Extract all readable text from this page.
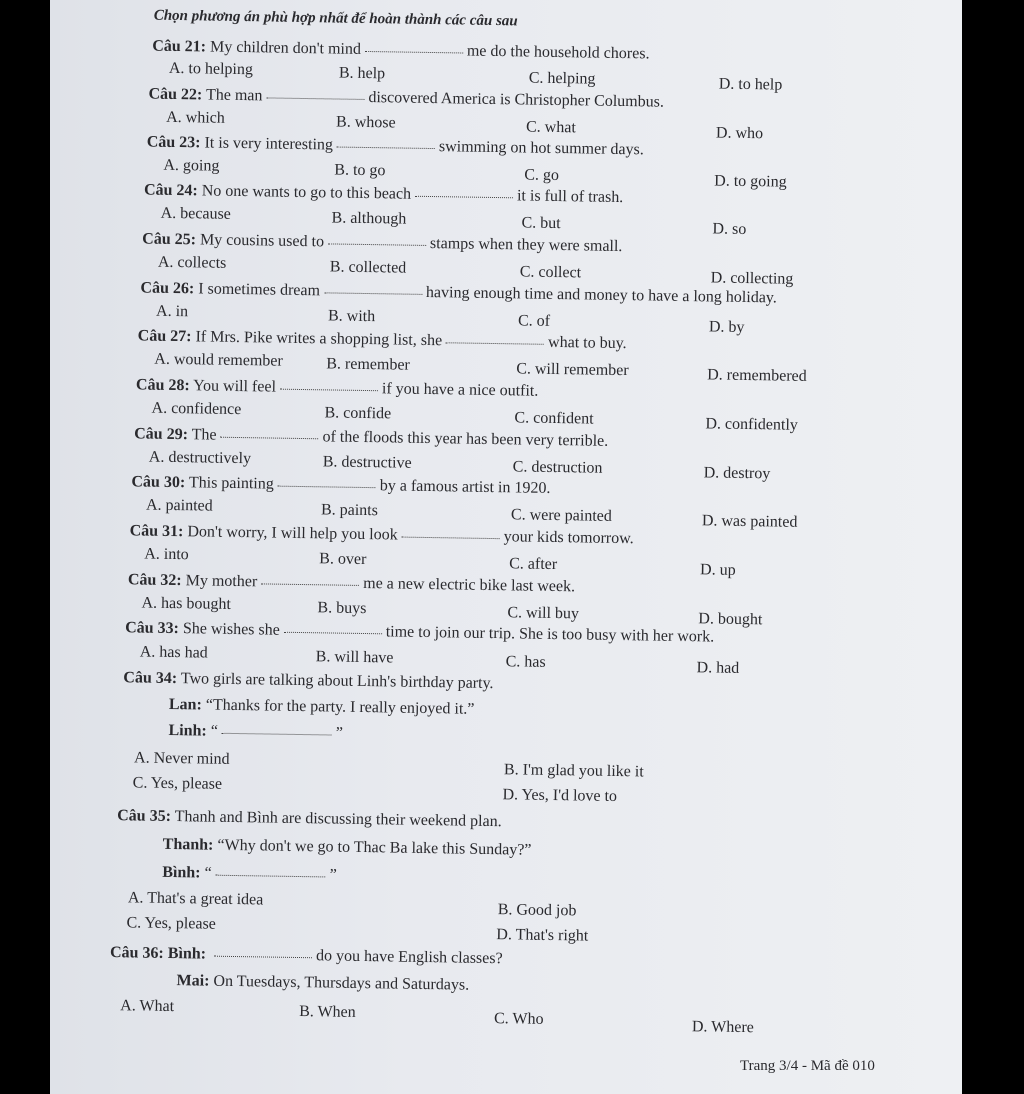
Chọn phương án phù hợp nhất để hoàn thành các câu sau
Câu 21: My children don't mind	me do the household chores.
A. to helping	B. help	C. helping	D. to help
Câu 22: The man	discovered America is Christopher Columbus.
A. which	B. whose	C. what	D. who
Câu 23: It is very interesting	swimming on hot summer days.
A. going	B. to go	C. go	D. to going
Câu 24: No one wants to go to this beach	it is full of trash.
A. because	B. although	C. but	D. so
Câu 25: My cousins used to	stamps when they were small.
A. collects	B. collected	C. collect	D. collecting
Câu 26: I sometimes dream	having enough time and money to have a long holiday.
A. in	B. with	C. of	D. by
Câu 27: If Mrs. Pike writes a shopping list, she	what to buy.
A. would remember	B. remember	C. will remember	D. remembered
Câu 28: You will feel	if you have a nice outfit.
A. confidence	B. confide	C. confident	D. confidently
Câu 29: The	of the floods this year has been very terrible.
A. destructively	B. destructive	C. destruction	D. destroy
Câu 30: This painting	by a famous artist in 1920.
A. painted	B. paints	C. were painted	D. was painted
Câu 31: Don't worry, I will help you look	your kids tomorrow.
A. into	B. over	C. after	D. up
Câu 32: My mother	me a new electric bike last week.
A. has bought	B. buys	C. will buy	D. bought
Câu 33: She wishes she	time to join our trip. She is too busy with her work.
A. has had	B. will have	C. has	D. had
Câu 34: Two girls are talking about Linh's birthday party.
Lan: “Thanks for the party. I really enjoyed it.”
Linh: “	”
A. Never mind
B. I'm glad you like it
C. Yes, please
D. Yes, I'd love to
Câu 35: Thanh and Bình are discussing their weekend plan.
Thanh: “Why don't we go to Thac Ba lake this Sunday?”
Bình: “	”
A. That's a great idea
B. Good job
C. Yes, please
D. That's right
Câu 36: Bình:	do you have English classes?
Mai: On Tuesdays, Thursdays and Saturdays.
A. What	B. When	C. Who	D. Where
Trang 3/4 - Mã đề 010
